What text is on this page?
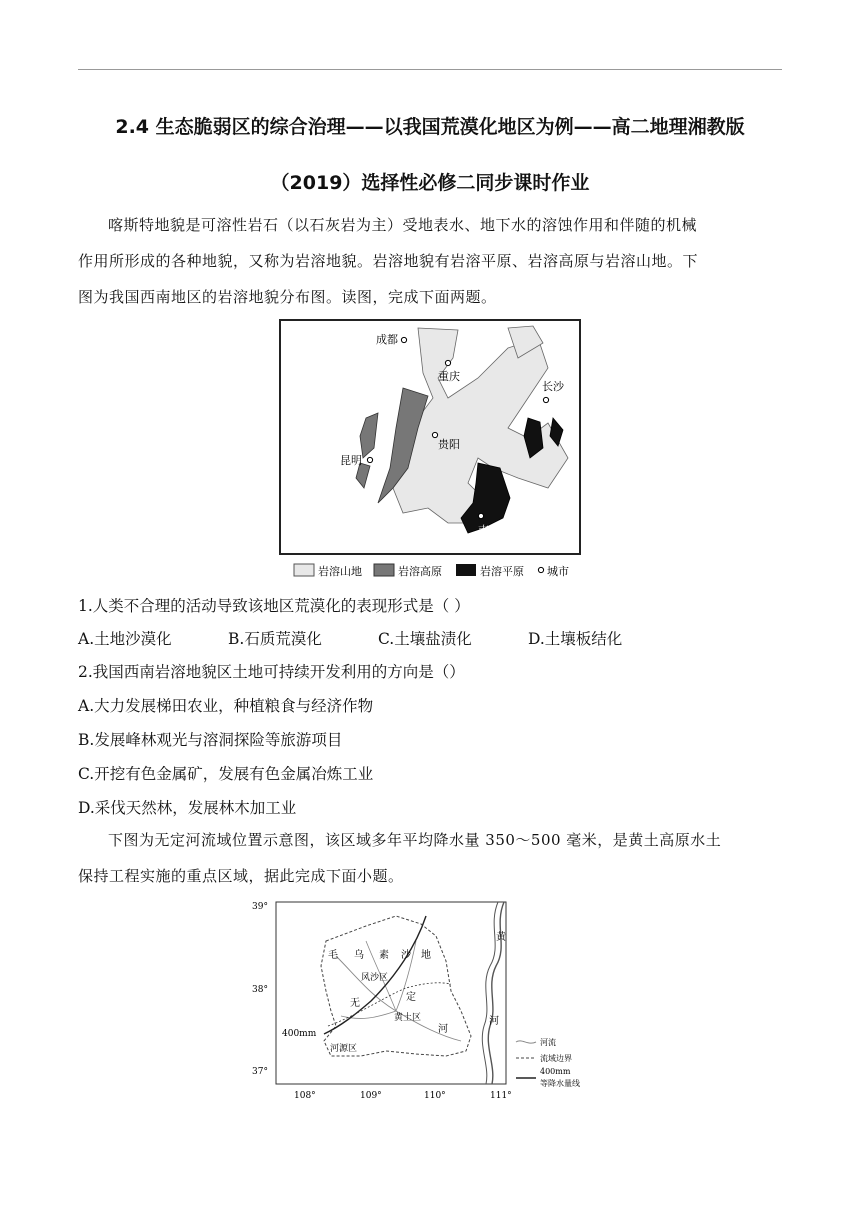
2.4 生态脆弱区的综合治理——以我国荒漠化地区为例——高二地理湘教版
（2019）选择性必修二同步课时作业
喀斯特地貌是可溶性岩石（以石灰岩为主）受地表水、地下水的溶蚀作用和伴随的机械
作用所形成的各种地貌，又称为岩溶地貌。岩溶地貌有岩溶平原、岩溶高原与岩溶山地。下
图为我国西南地区的岩溶地貌分布图。读图，完成下面两题。
成都
重庆
长沙
贵阳
昆明
南宁
岩溶山地	岩溶高原	岩溶平原 城市
1.人类不合理的活动导致该地区荒漠化的表现形式是（ ）
A.土地沙漠化	B.石质荒漠化	C.土壤盐渍化	D.土壤板结化
2.我国西南岩溶地貌区土地可持续开发利用的方向是（）
A.大力发展梯田农业，种植粮食与经济作物
B.发展峰林观光与溶洞探险等旅游项目
C.开挖有色金属矿，发展有色金属冶炼工业
D.采伐天然林，发展林木加工业
下图为无定河流域位置示意图，该区域多年平均降水量 350～500 毫米，是黄土高原水土
保持工程实施的重点区域，据此完成下面小题。
39°
38°
37°
108°	109°	110°	111°
毛 乌 素 沙 地
风沙区
无
定
黄土区
河
河源区
黄
河
400mm
河流
流域边界
400mm
等降水量线
